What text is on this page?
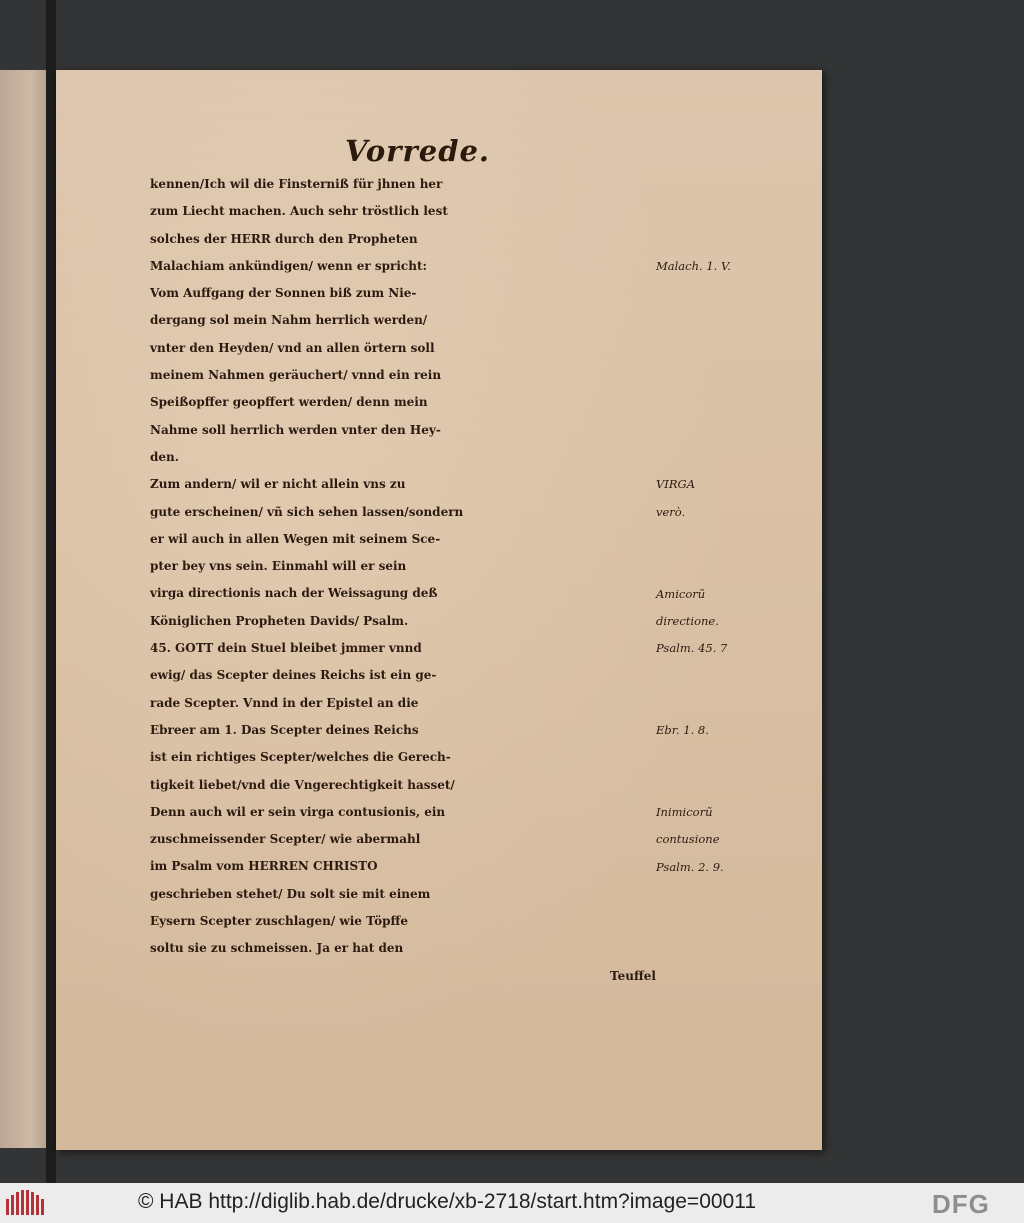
Vorrede.
kennen/Ich wil die Finsterniß für jhnen her
zum Liecht machen. Auch sehr tröstlich lest
solches der HERR durch den Propheten
Malachiam ankündigen/ wenn er spricht:
Vom Auffgang der Sonnen biß zum Nie-
dergang sol mein Nahm herrlich werden/
vnter den Heyden/ vnd an allen örtern soll
meinem Nahmen geräuchert/ vnnd ein rein
Speißopffer geopffert werden/ denn mein
Nahme soll herrlich werden vnter den Hey-
den.
Zum andern/ wil er nicht allein vns zu
gute erscheinen/ vñ sich sehen lassen/sondern
er wil auch in allen Wegen mit seinem Sce-
pter bey vns sein. Einmahl will er sein
virga directionis nach der Weissagung deß
Königlichen Propheten Davids/ Psalm.
45. GOTT dein Stuel bleibet jmmer vnnd
ewig/ das Scepter deines Reichs ist ein ge-
rade Scepter. Vnnd in der Epistel an die
Ebreer am 1. Das Scepter deines Reichs
ist ein richtiges Scepter/welches die Gerech-
tigkeit liebet/vnd die Vngerechtigkeit hasset/
Denn auch wil er sein virga contusionis, ein
zuschmeissender Scepter/ wie abermahl
im Psalm vom HERREN CHRISTO
geschrieben stehet/ Du solt sie mit einem
Eysern Scepter zuschlagen/ wie Töpffe
soltu sie zu schmeissen. Ja er hat den
Teuffel
Malach. 1. V.
VIRGA
verò.
Amicorũ
directione.
Psalm. 45. 7
Ebr. 1. 8.
Inimicorũ
contusione
Psalm. 2. 9.
© HAB http://diglib.hab.de/drucke/xb-2718/start.htm?image=00011	DFG
